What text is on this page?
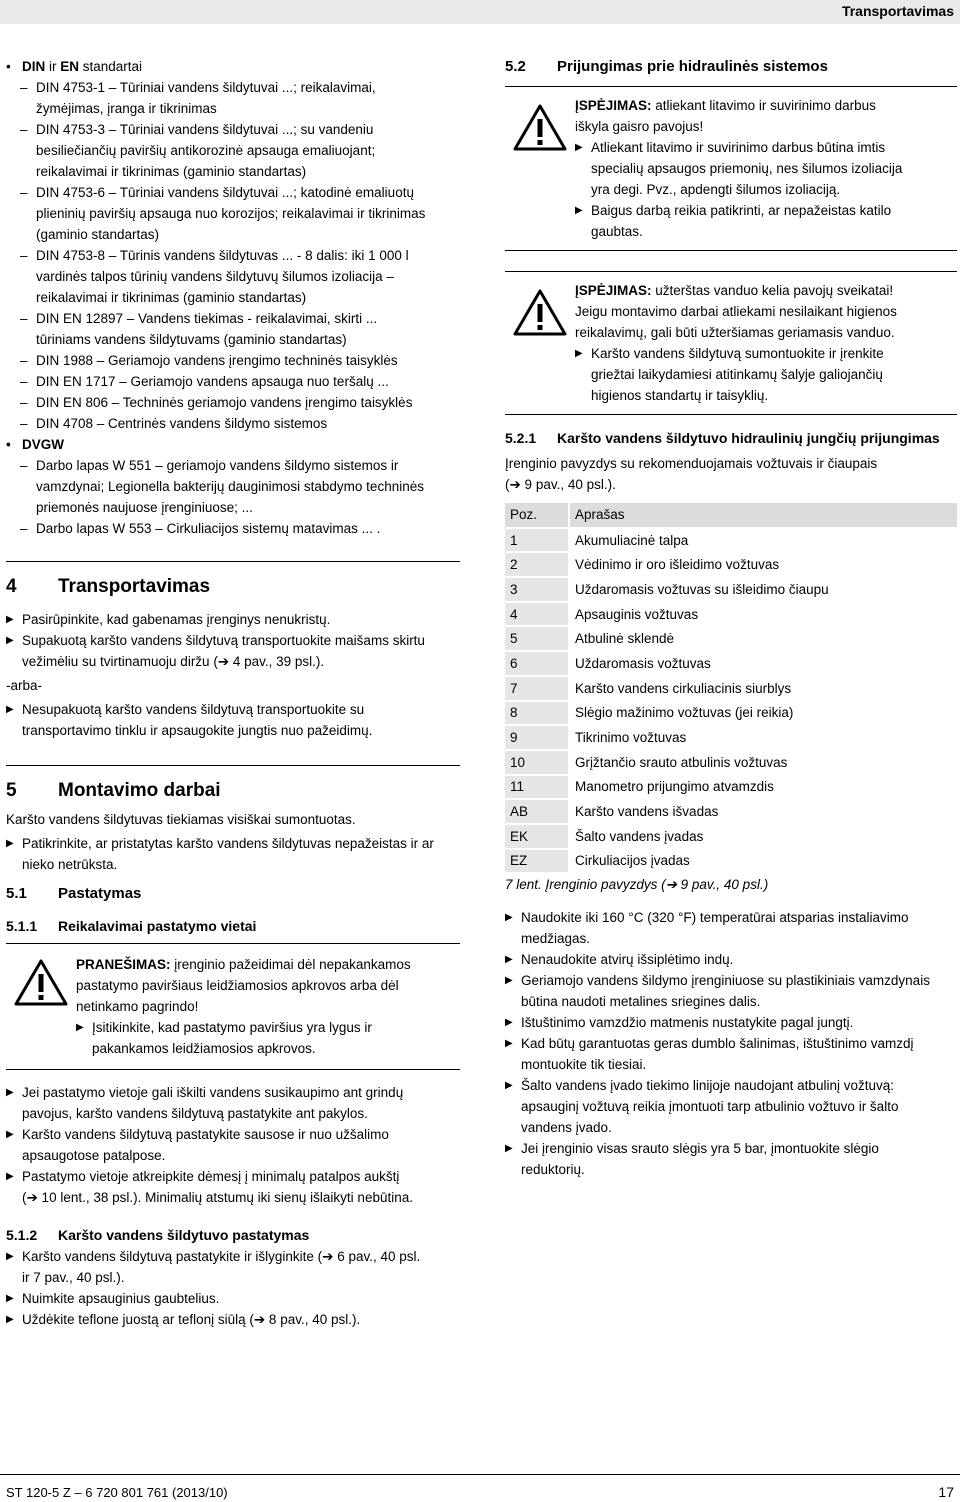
Transportavimas
• DIN ir EN standartai
– DIN 4753-1 – Tūriniai vandens šildytuvai ...; reikalavimai,
žymėjimas, įranga ir tikrinimas
– DIN 4753-3 – Tūriniai vandens šildytuvai ...; su vandeniu
besiliečiančių paviršių antikorozinė apsauga emaliuojant;
reikalavimai ir tikrinimas (gaminio standartas)
– DIN 4753-6 – Tūriniai vandens šildytuvai ...; katodinė emaliuotų
plieninių paviršių apsauga nuo korozijos; reikalavimai ir tikrinimas
(gaminio standartas)
– DIN 4753-8 – Tūrinis vandens šildytuvas ... - 8 dalis: iki 1 000 l
vardinės talpos tūrinių vandens šildytuvų šilumos izoliacija –
reikalavimai ir tikrinimas (gaminio standartas)
– DIN EN 12897 – Vandens tiekimas - reikalavimai, skirti ...
tūriniams vandens šildytuvams (gaminio standartas)
– DIN 1988 – Geriamojo vandens įrengimo techninės taisyklės
– DIN EN 1717 – Geriamojo vandens apsauga nuo teršalų ...
– DIN EN 806 – Techninės geriamojo vandens įrengimo taisyklės
– DIN 4708 – Centrinės vandens šildymo sistemos
• DVGW
– Darbo lapas W 551 – geriamojo vandens šildymo sistemos ir
vamzdynai; Legionella bakterijų dauginimosi stabdymo techninės
priemonės naujuose įrenginiuose; ...
– Darbo lapas W 553 – Cirkuliacijos sistemų matavimas ... .
4 Transportavimas
▶ Pasirūpinkite, kad gabenamas įrenginys nenukristų.
▶ Supakuotą karšto vandens šildytuvą transportuokite maišams skirtu
vežimėliu su tvirtinamuoju diržu (➔ 4 pav., 39 psl.).
-arba-
▶ Nesupakuotą karšto vandens šildytuvą transportuokite su
transportavimo tinklu ir apsaugokite jungtis nuo pažeidimų.
5 Montavimo darbai
Karšto vandens šildytuvas tiekiamas visiškai sumontuotas.
▶ Patikrinkite, ar pristatytas karšto vandens šildytuvas nepažeistas ir ar
nieko netrūksta.
5.1 Pastatymas
5.1.1 Reikalavimai pastatymo vietai
PRANEŠIMAS: įrenginio pažeidimai dėl nepakankamos
pastatymo paviršiaus leidžiamosios apkrovos arba dėl
netinkamo pagrindo!
▶ Įsitikinkite, kad pastatymo paviršius yra lygus ir
pakankamos leidžiamosios apkrovos.
▶ Jei pastatymo vietoje gali iškilti vandens susikaupimo ant grindų
pavojus, karšto vandens šildytuvą pastatykite ant pakylos.
▶ Karšto vandens šildytuvą pastatykite sausose ir nuo užšalimo
apsaugotose patalpose.
▶ Pastatymo vietoje atkreipkite dėmesį į minimalų patalpos aukštį
(➔ 10 lent., 38 psl.). Minimalių atstumų iki sienų išlaikyti nebūtina.
5.1.2 Karšto vandens šildytuvo pastatymas
▶ Karšto vandens šildytuvą pastatykite ir išlyginkite (➔ 6 pav., 40 psl.
ir 7 pav., 40 psl.).
▶ Nuimkite apsauginius gaubtelius.
▶ Uždėkite teflone juostą ar teflonį siūlą (➔ 8 pav., 40 psl.).
5.2 Prijungimas prie hidraulinės sistemos
ĮSPĖJIMAS: atliekant litavimo ir suvirinimo darbus
iškyla gaisro pavojus!
▶ Atliekant litavimo ir suvirinimo darbus būtina imtis
specialių apsaugos priemonių, nes šilumos izoliacija
yra degi. Pvz., apdengti šilumos izoliaciją.
▶ Baigus darbą reikia patikrinti, ar nepažeistas katilo
gaubtas.
ĮSPĖJIMAS: užterštas vanduo kelia pavojų sveikatai!
Jeigu montavimo darbai atliekami nesilaikant higienos
reikalavimų, gali būti užteršiamas geriamasis vanduo.
▶ Karšto vandens šildytuvą sumontuokite ir įrenkite
griežtai laikydamiesi atitinkamų šalyje galiojančių
higienos standartų ir taisyklių.
5.2.1 Karšto vandens šildytuvo hidraulinių jungčių prijungimas
Įrenginio pavyzdys su rekomenduojamais vožtuvais ir čiaupais
(➔ 9 pav., 40 psl.).
Poz.	Aprašas
1	Akumuliacinė talpa
2	Vėdinimo ir oro išleidimo vožtuvas
3	Uždaromasis vožtuvas su išleidimo čiaupu
4	Apsauginis vožtuvas
5	Atbulinė sklendė
6	Uždaromasis vožtuvas
7	Karšto vandens cirkuliacinis siurblys
8	Slėgio mažinimo vožtuvas (jei reikia)
9	Tikrinimo vožtuvas
10	Grįžtančio srauto atbulinis vožtuvas
11	Manometro prijungimo atvamzdis
AB	Karšto vandens išvadas
EK	Šalto vandens įvadas
EZ	Cirkuliacijos įvadas
7 lent. Įrenginio pavyzdys (➔ 9 pav., 40 psl.)
▶ Naudokite iki 160 °C (320 °F) temperatūrai atsparias instaliavimo
medžiagas.
▶ Nenaudokite atvirų išsiplėtimo indų.
▶ Geriamojo vandens šildymo įrenginiuose su plastikiniais vamzdynais
būtina naudoti metalines sriegines dalis.
▶ Ištuštinimo vamzdžio matmenis nustatykite pagal jungtį.
▶ Kad būtų garantuotas geras dumblo šalinimas, ištuštinimo vamzdį
montuokite tik tiesiai.
▶ Šalto vandens įvado tiekimo linijoje naudojant atbulinį vožtuvą:
apsauginį vožtuvą reikia įmontuoti tarp atbulinio vožtuvo ir šalto
vandens įvado.
▶ Jei įrenginio visas srauto slėgis yra 5 bar, įmontuokite slėgio
reduktorių.
ST 120-5 Z – 6 720 801 761 (2013/10)	17
